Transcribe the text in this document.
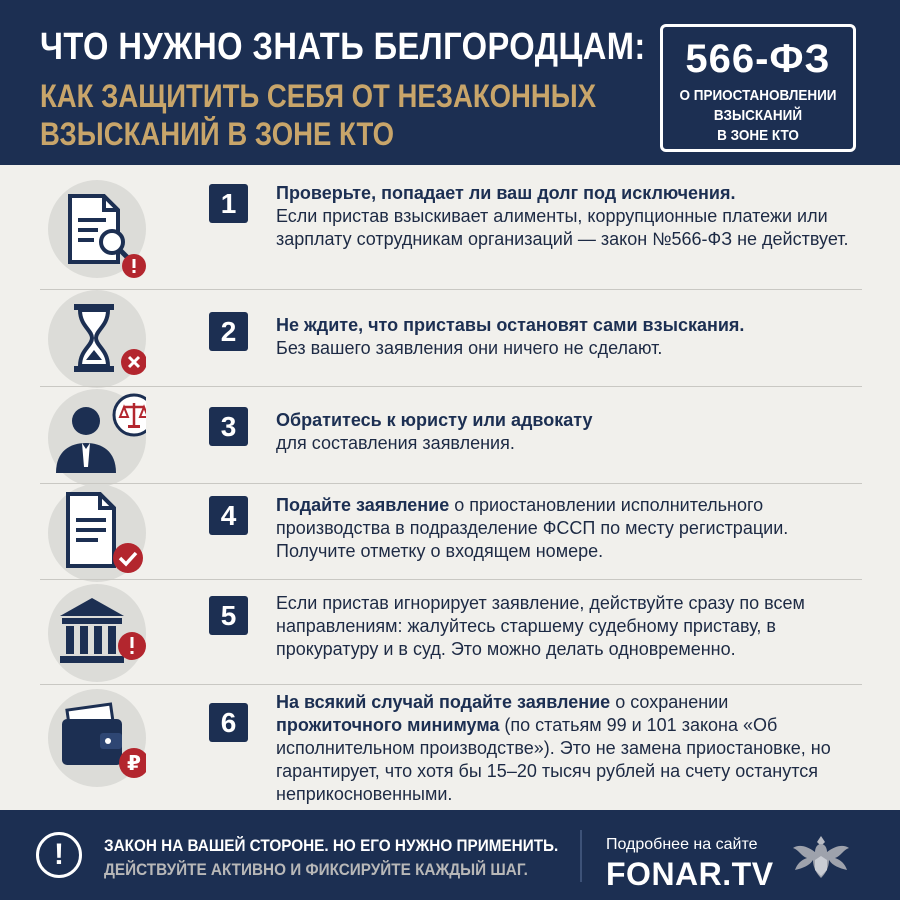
ЧТО НУЖНО ЗНАТЬ БЕЛГОРОДЦАМ:
КАК ЗАЩИТИТЬ СЕБЯ ОТ НЕЗАКОННЫХ
ВЗЫСКАНИЙ В ЗОНЕ КТО
566-ФЗ
О ПРИОСТАНОВЛЕНИИ
ВЗЫСКАНИЙ
В ЗОНЕ КТО
1	Проверьте, попадает ли ваш долг под исключения.
Если пристав взыскивает алименты, коррупционные платежи или зарплату сотрудникам организаций — закон №566-ФЗ не действует.
2	Не ждите, что приставы остановят сами взыскания.
Без вашего заявления они ничего не сделают.
3	Обратитесь к юристу или адвокату
для составления заявления.
4	Подайте заявление о приостановлении исполнительного производства в подразделение ФССП по месту регистрации. Получите отметку о входящем номере.
5	Если пристав игнорирует заявление, действуйте сразу по всем направлениям: жалуйтесь старшему судебному приставу, в прокуратуру и в суд. Это можно делать одновременно.
₽
6
На всякий случай подайте заявление о сохранении прожиточного минимума (по статьям 99 и 101 закона «Об исполнительном производстве»). Это не замена приостановке, но гарантирует, что хотя бы 15–20 тысяч рублей на счету останутся неприкосновенными.
!	ЗАКОН НА ВАШЕЙ СТОРОНЕ. НО ЕГО НУЖНО ПРИМЕНИТЬ.
ДЕЙСТВУЙТЕ АКТИВНО И ФИКСИРУЙТЕ КАЖДЫЙ ШАГ.
Подробнее на сайте
FONAR.TV
